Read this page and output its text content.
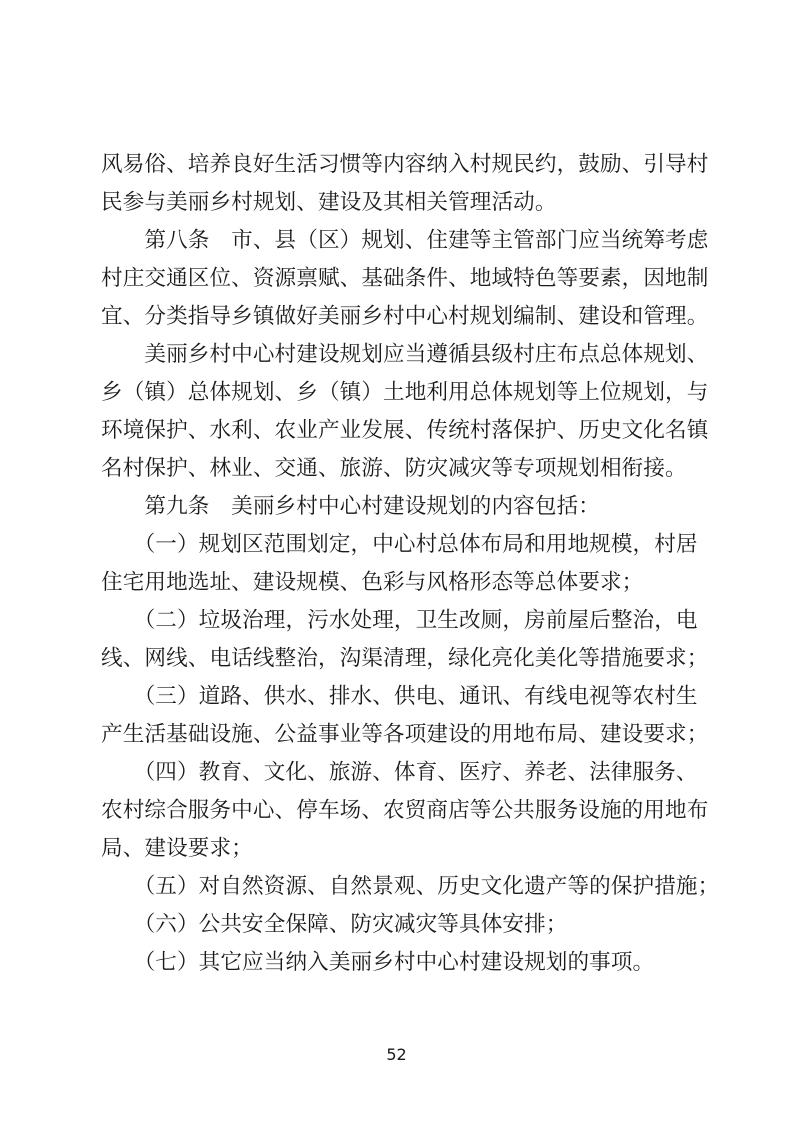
风易俗、培养良好生活习惯等内容纳入村规民约，鼓励、引导村
民参与美丽乡村规划、建设及其相关管理活动。
　　第八条　市、县（区）规划、住建等主管部门应当统筹考虑
村庄交通区位、资源禀赋、基础条件、地域特色等要素，因地制
宜、分类指导乡镇做好美丽乡村中心村规划编制、建设和管理。
　　美丽乡村中心村建设规划应当遵循县级村庄布点总体规划、
乡（镇）总体规划、乡（镇）土地利用总体规划等上位规划，与
环境保护、水利、农业产业发展、传统村落保护、历史文化名镇
名村保护、林业、交通、旅游、防灾减灾等专项规划相衔接。
　　第九条　美丽乡村中心村建设规划的内容包括：
　　（一）规划区范围划定，中心村总体布局和用地规模，村居
住宅用地选址、建设规模、色彩与风格形态等总体要求；
　　（二）垃圾治理，污水处理，卫生改厕，房前屋后整治，电
线、网线、电话线整治，沟渠清理，绿化亮化美化等措施要求；
　　（三）道路、供水、排水、供电、通讯、有线电视等农村生
产生活基础设施、公益事业等各项建设的用地布局、建设要求；
　　（四）教育、文化、旅游、体育、医疗、养老、法律服务、
农村综合服务中心、停车场、农贸商店等公共服务设施的用地布
局、建设要求；
　　（五）对自然资源、自然景观、历史文化遗产等的保护措施；
　　（六）公共安全保障、防灾减灾等具体安排；
　　（七）其它应当纳入美丽乡村中心村建设规划的事项。
52
